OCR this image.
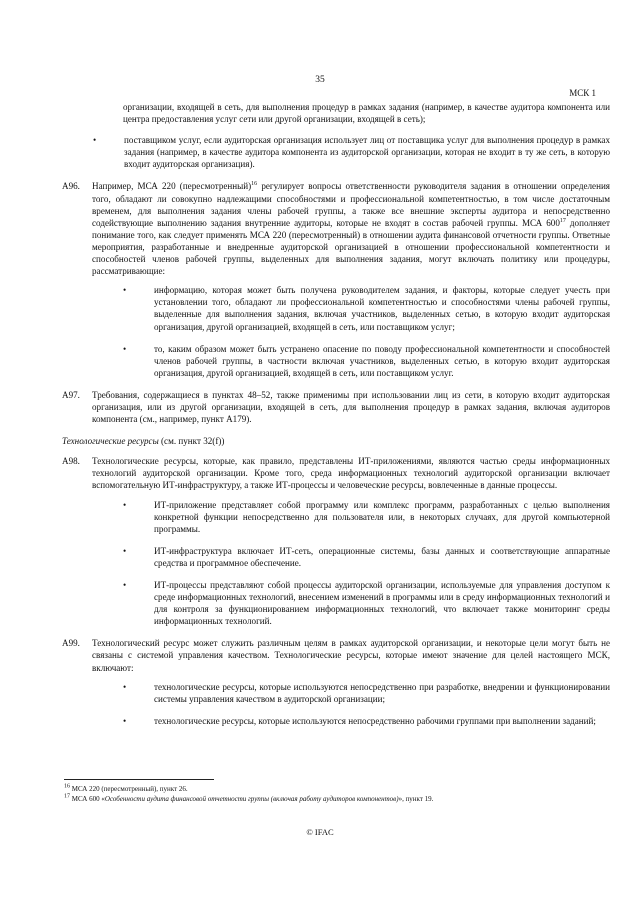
35
МСК 1

организации, входящей в сеть, для выполнения процедур в рамках задания (например, в качестве аудитора компонента или центра предоставления услуг сети или другой организации, входящей в сеть);

•	поставщиком услуг, если аудиторская организация использует лиц от поставщика услуг для выполнения процедур в рамках задания (например, в качестве аудитора компонента из аудиторской организации, которая не входит в ту же сеть, в которую входит аудиторская организация).
А96.	Например, МСА 220 (пересмотренный)$^{16}$ регулирует вопросы ответственности руководителя задания в отношении определения того, обладают ли совокупно надлежащими способностями и профессиональной компетентностью, в том числе достаточным временем, для выполнения задания члены рабочей группы, а также все внешние эксперты аудитора и непосредственно содействующие выполнению задания внутренние аудиторы, которые не входят в состав рабочей группы. МСА $600^{17}$ дополняет понимание того, как следует применять МСА 220 (пересмотренный) в отношении аудита финансовой отчетности группы. Ответные мероприятия, разработанные и внедренные аудиторской организацией в отношении профессиональной компетентности и способностей членов рабочей группы, выделенных для выполнения задания, могут включать политику или процедуры, рассматривающие:

•	информацию, которая может быть получена руководителем задания, и факторы, которые следует учесть при установлении того, обладают ли профессиональной компетентностью и способностями члены рабочей группы, выделенные для выполнения задания, включая участников, выделенных сетью, в которую входит аудиторская организация, другой организацией, входящей в сеть, или поставщиком услуг;
•	то, каким образом может быть устранено опасение по поводу профессиональной компетентности и способностей членов рабочей группы, в частности включая участников, выделенных сетью, в которую входит аудиторская организация, другой организацией, входящей в сеть, или поставщиком услуг.
А97.	Требования, содержащиеся в пунктах 48–52, также применимы при использовании лиц из сети, в которую входит аудиторская организация, или из другой организации, входящей в сеть, для выполнения процедур в рамках задания, включая аудиторов компонента (см., например, пункт А179).

Технологические ресурсы (см. пункт 32(f))
А98.	Технологические ресурсы, которые, как правило, представлены ИТ-приложениями, являются частью среды информационных технологий аудиторской организации. Кроме того, среда информационных технологий аудиторской организации включает вспомогательную ИТ-инфраструктуру, а также ИТ-процессы и человеческие ресурсы, вовлеченные в данные процессы.

•	ИТ-приложение представляет собой программу или комплекс программ, разработанных с целью выполнения конкретной функции непосредственно для пользователя или, в некоторых случаях, для другой компьютерной программы.
•	ИТ-инфраструктура включает ИТ-сеть, операционные системы, базы данных и соответствующие аппаратные средства и программное обеспечение.
•	ИТ-процессы представляют собой процессы аудиторской организации, используемые для управления доступом к среде информационных технологий, внесением изменений в программы или в среду информационных технологий и для контроля за функционированием информационных технологий, что включает также мониторинг среды информационных технологий.
А99.	Технологический ресурс может служить различным целям в рамках аудиторской организации, и некоторые цели могут быть не связаны с системой управления качеством. Технологические ресурсы, которые имеют значение для целей настоящего МСК, включают:

•	технологические ресурсы, которые используются непосредственно при разработке, внедрении и функционировании системы управления качеством в аудиторской организации;
•	технологические ресурсы, которые используются непосредственно рабочими группами при выполнении заданий;
$^{16}$ МСА 220 (пересмотренный), пункт 26.
$^{17}$ МСА 600 «Особенности аудита финансовой отчетности группы (включая работу аудиторов компонентов)», пункт 19.
© IFAC
